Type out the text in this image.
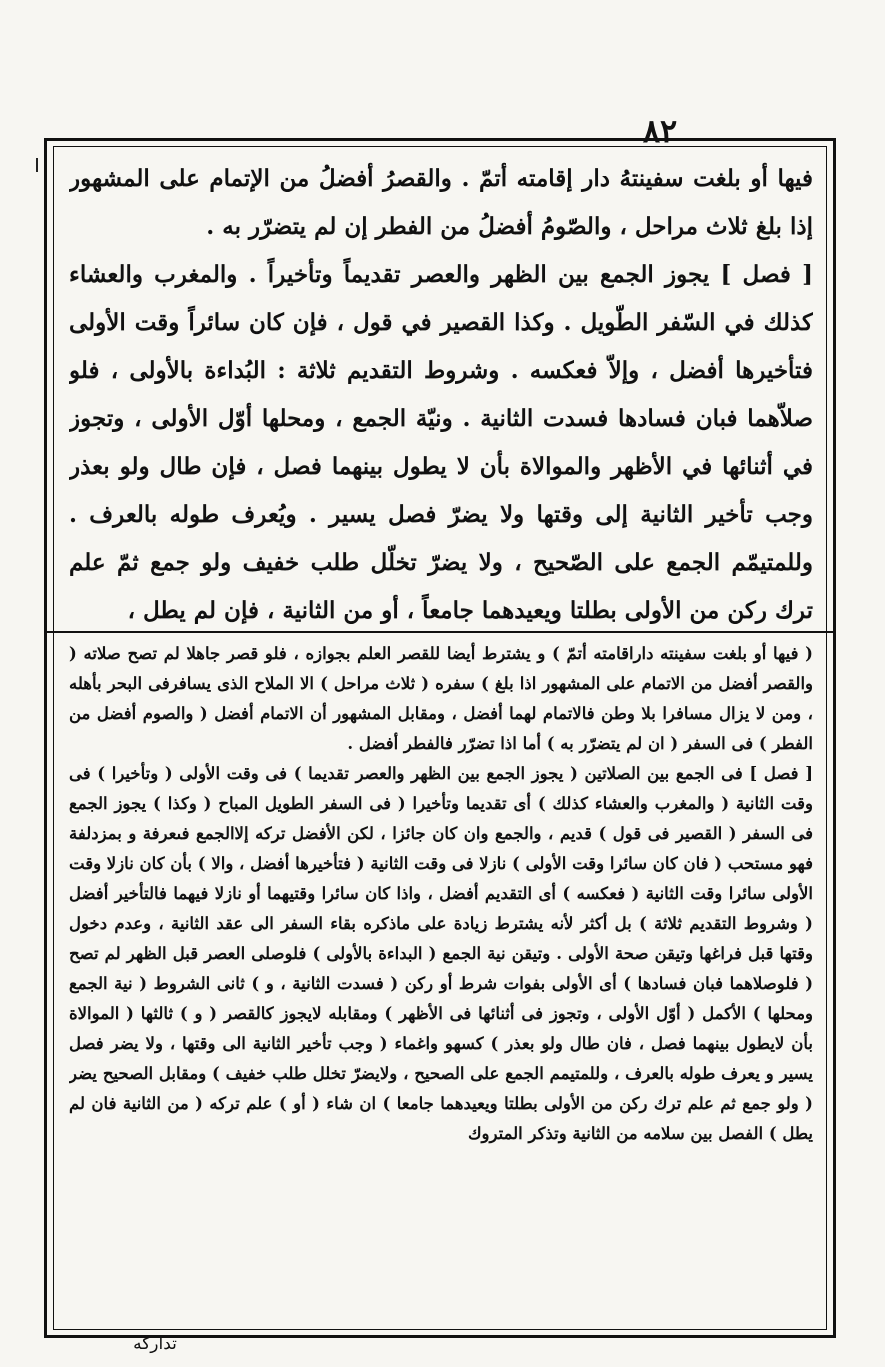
٨٢

فيها أو بلغت سفينتهُ دار إقامته أتمّ . والقصرُ أفضلُ من الإتمام على المشهور إذا بلغ ثلاث مراحل ، والصّومُ أفضلُ من الفطر إن لم يتضرّر به .

[ فصل ] يجوز الجمع بين الظهر والعصر تقديماً وتأخيراً . والمغرب والعشاء كذلك في السّفر الطّويل . وكذا القصير في قول ، فإن كان سائراً وقت الأولى فتأخيرها أفضل ، وإلاّ فعكسه . وشروط التقديم ثلاثة : البُداءة بالأولى ، فلو صلاّهما فبان فسادها فسدت الثانية . ونيّة الجمع ، ومحلها أوّل الأولى ، وتجوز في أثنائها في الأظهر والموالاة بأن لا يطول بينهما فصل ، فإن طال ولو بعذر وجب تأخير الثانية إلى وقتها ولا يضرّ فصل يسير . ويُعرف طوله بالعرف . وللمتيمّم الجمع على الصّحيح ، ولا يضرّ تخلّل طلب خفيف ولو جمع ثمّ علم ترك ركن من الأولى بطلتا ويعيدهما جامعاً ، أو من الثانية ، فإن لم يطل ،

( فيها أو بلغت سفينته داراقامته أتمّ ) و يشترط أيضا للقصر العلم بجوازه ، فلو قصر جاهلا لم تصح صلاته ( والقصر أفضل من الاتمام على المشهور اذا بلغ ) سفره ( ثلاث مراحل ) الا الملاح الذى يسافرفى البحر بأهله ، ومن لا يزال مسافرا بلا وطن فالاتمام لهما أفضل ، ومقابل المشهور أن الاتمام أفضل ( والصوم أفضل من الفطر ) فى السفر ( ان لم يتضرّر به ) أما اذا تضرّر فالفطر أفضل .

[ فصل ] فى الجمع بين الصلاتين ( يجوز الجمع بين الظهر والعصر تقديما ) فى وقت الأولى ( وتأخيرا ) فى وقت الثانية ( والمغرب والعشاء كذلك ) أى تقديما وتأخيرا ( فى السفر الطويل المباح ( وكذا ) يجوز الجمع فى السفر ( القصير فى قول ) قديم ، والجمع وان كان جائزا ، لكن الأفضل تركه إلاالجمع فىعرفة و بمزدلفة فهو مستحب ( فان كان سائرا وقت الأولى ) نازلا فى وقت الثانية ( فتأخيرها أفضل ، والا ) بأن كان نازلا وقت الأولى سائرا وقت الثانية ( فعكسه ) أى التقديم أفضل ، واذا كان سائرا وقتيهما أو نازلا فيهما فالتأخير أفضل ( وشروط التقديم ثلاثة ) بل أكثر لأنه يشترط زيادة على ماذكره بقاء السفر الى عقد الثانية ، وعدم دخول وقتها قبل فراغها وتيقن صحة الأولى . وتيقن نية الجمع ( البداءة بالأولى ) فلوصلى العصر قبل الظهر لم تصح ( فلوصلاهما فبان فسادها ) أى الأولى بفوات شرط أو ركن ( فسدت الثانية ، و ) ثانى الشروط ( نية الجمع ومحلها ) الأكمل ( أوّل الأولى ، وتجوز فى أثنائها فى الأظهر ) ومقابله لايجوز كالقصر ( و ) ثالثها ( الموالاة بأن لايطول بينهما فصل ، فان طال ولو بعذر ) كسهو واغماء ( وجب تأخير الثانية الى وقتها ، ولا يضر فصل يسير و يعرف طوله بالعرف ، وللمتيمم الجمع على الصحيح ، ولايضرّ تخلل طلب خفيف ) ومقابل الصحيح يضر ( ولو جمع ثم علم ترك ركن من الأولى بطلتا ويعيدهما جامعا ) ان شاء ( أو ) علم تركه ( من الثانية فان لم يطل ) الفصل بين سلامه من الثانية وتذكر المتروك

تداركه
